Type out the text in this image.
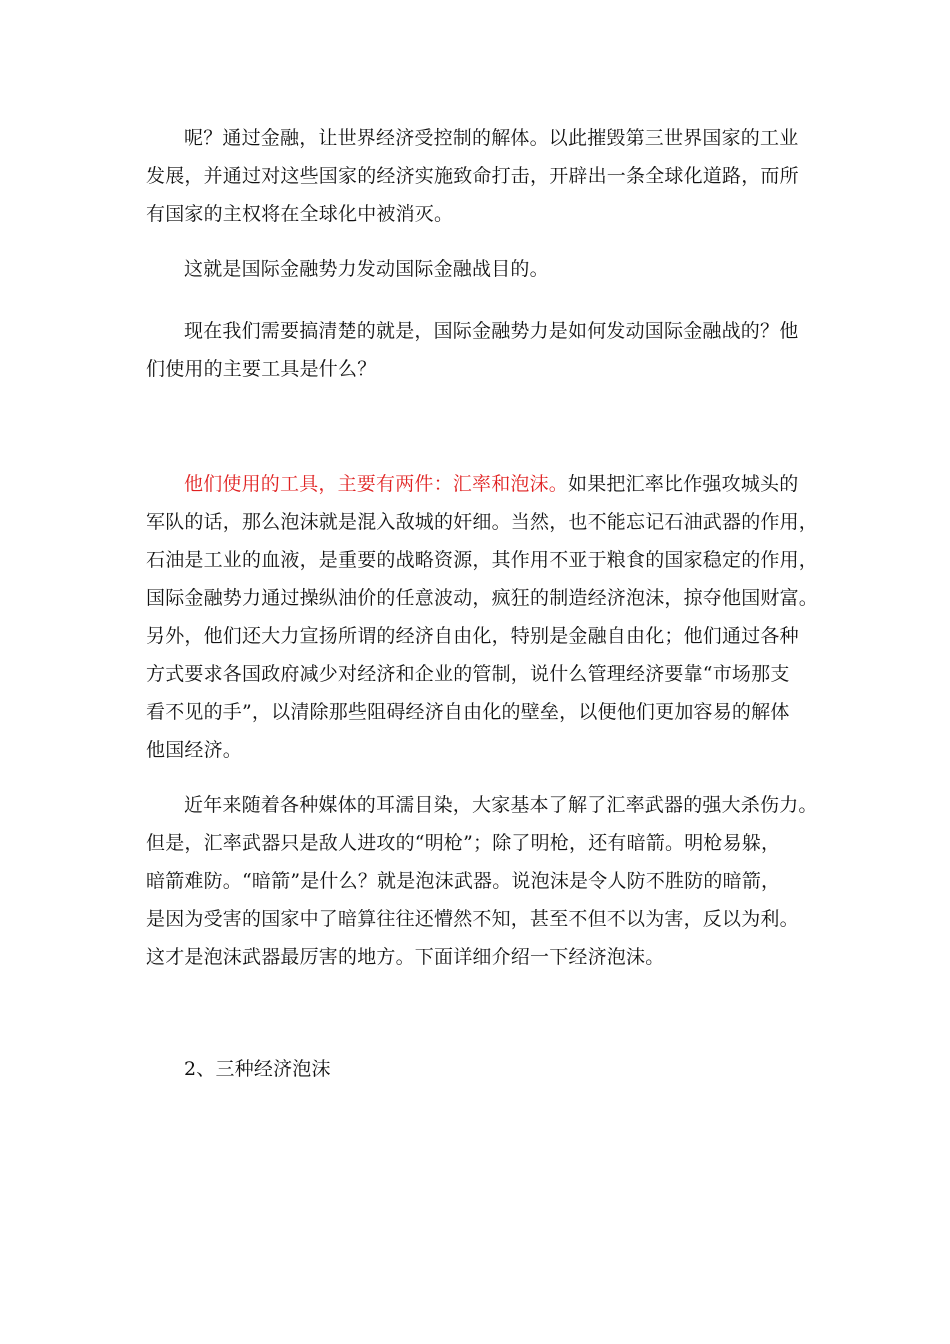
呢？通过金融，让世界经济受控制的解体。以此摧毁第三世界国家的工业
发展，并通过对这些国家的经济实施致命打击，开辟出一条全球化道路，而所
有国家的主权将在全球化中被消灭。
这就是国际金融势力发动国际金融战目的。
现在我们需要搞清楚的就是，国际金融势力是如何发动国际金融战的？他
们使用的主要工具是什么？
他们使用的工具，主要有两件：汇率和泡沫。如果把汇率比作强攻城头的
军队的话，那么泡沫就是混入敌城的奸细。当然，也不能忘记石油武器的作用，
石油是工业的血液，是重要的战略资源，其作用不亚于粮食的国家稳定的作用，
国际金融势力通过操纵油价的任意波动，疯狂的制造经济泡沫，掠夺他国财富。
另外，他们还大力宣扬所谓的经济自由化，特别是金融自由化；他们通过各种
方式要求各国政府减少对经济和企业的管制，说什么管理经济要靠“市场那支
看不见的手”，以清除那些阻碍经济自由化的壁垒，以便他们更加容易的解体
他国经济。
近年来随着各种媒体的耳濡目染，大家基本了解了汇率武器的强大杀伤力。
但是，汇率武器只是敌人进攻的“明枪”；除了明枪，还有暗箭。明枪易躲，
暗箭难防。“暗箭”是什么？就是泡沫武器。说泡沫是令人防不胜防的暗箭，
是因为受害的国家中了暗算往往还懵然不知，甚至不但不以为害，反以为利。
这才是泡沫武器最厉害的地方。下面详细介绍一下经济泡沫。
2、三种经济泡沫
